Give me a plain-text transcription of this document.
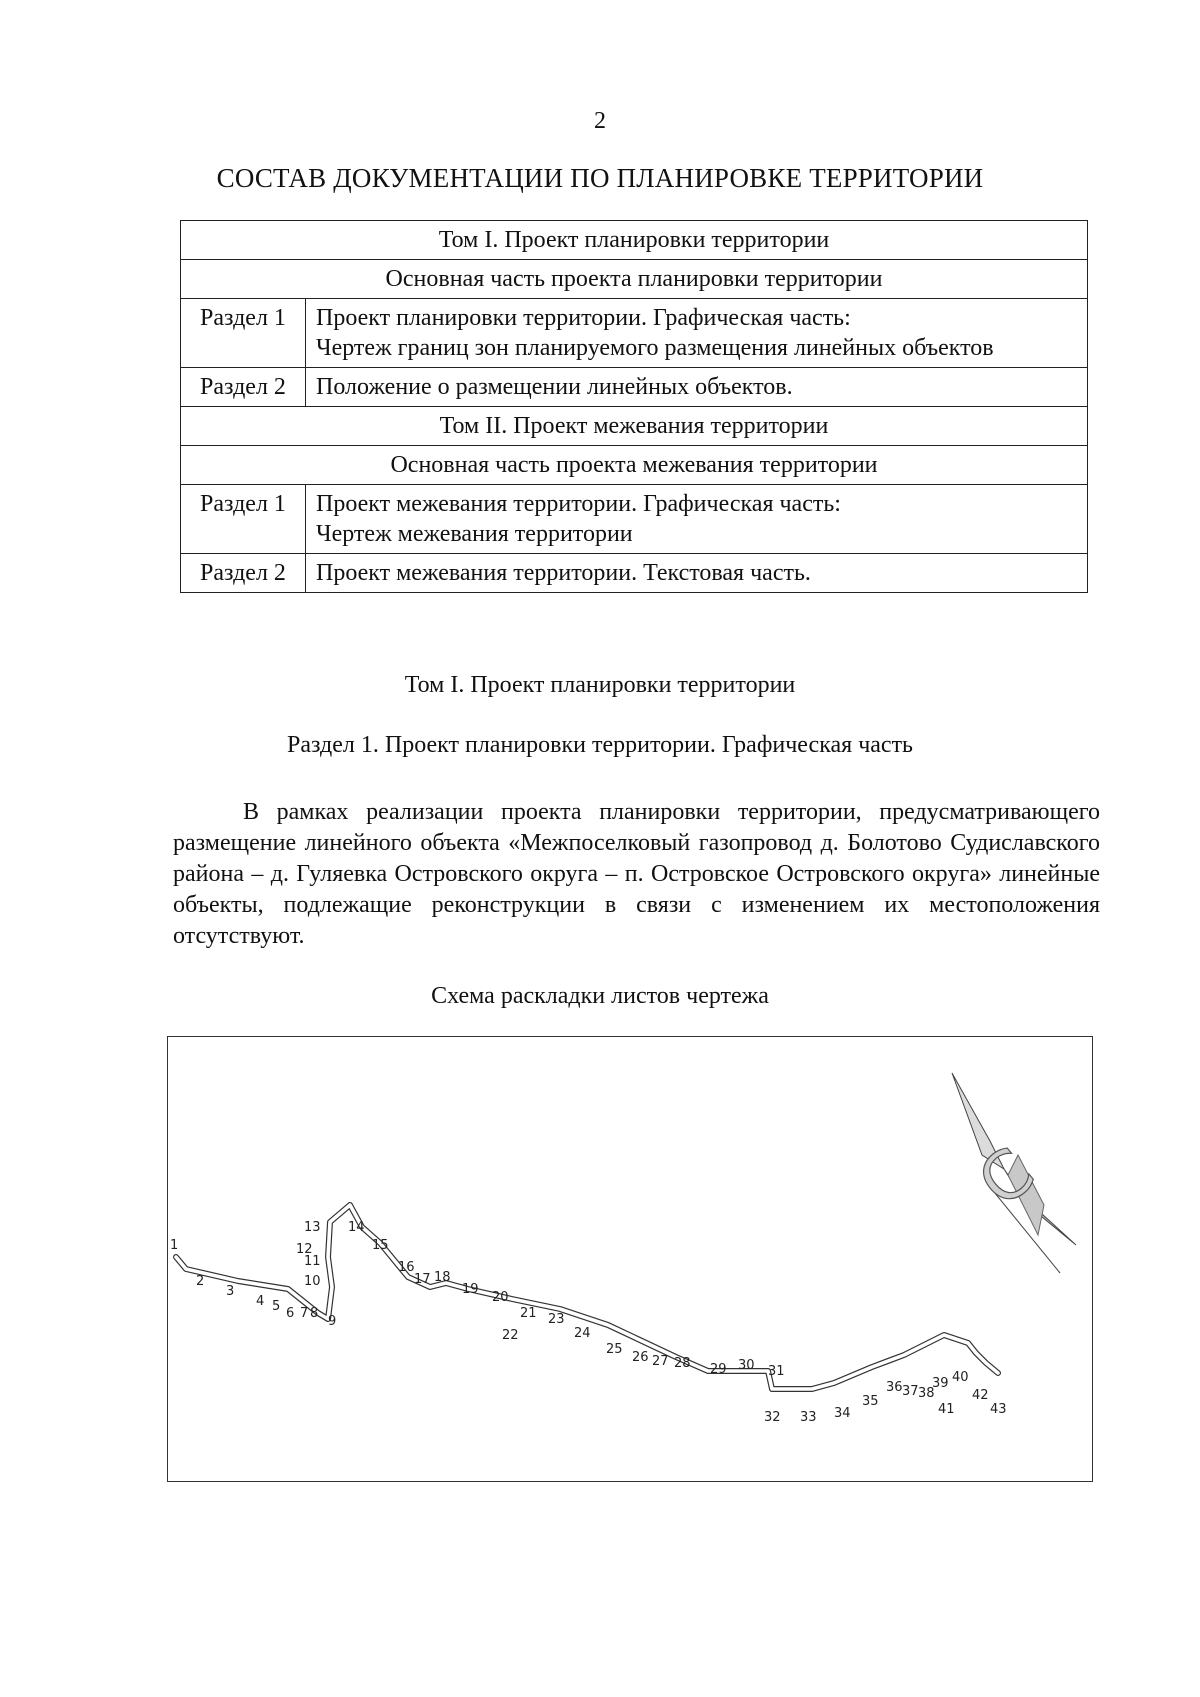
2
СОСТАВ ДОКУМЕНТАЦИИ ПО ПЛАНИРОВКЕ ТЕРРИТОРИИ
Том I. Проект планировки территории	
Основная часть проекта планировки территории	
Раздел 1	Проект планировки территории. Графическая часть:
Чертеж границ зон планируемого размещения линейных объектов

Раздел 2	Положение о размещении линейных объектов.
Том II. Проект межевания территории	
Основная часть проекта межевания территории	
Раздел 1	Проект межевания территории. Графическая часть:
Чертеж межевания территории

Раздел 2	Проект межевания территории. Текстовая часть.
Том I. Проект планировки территории
Раздел 1. Проект планировки территории. Графическая часть
В рамках реализации проекта планировки территории, предусматривающего размещение линейного объекта «Межпоселковый газопровод д. Болотово Судиславского района – д. Гуляевка Островского округа – п. Островское Островского округа» линейные объекты, подлежащие реконструкции в связи с изменением их местоположения отсутствуют.
Схема раскладки листов чертежа
С
1
2
3
4 5 6 7 8
9
10
11
12
13 14
15
16
17 18
19
20
21
22
23
24
25
26 27 28 29 30 31
32 33 34
35
36 37 38
39 40
41
42
43
